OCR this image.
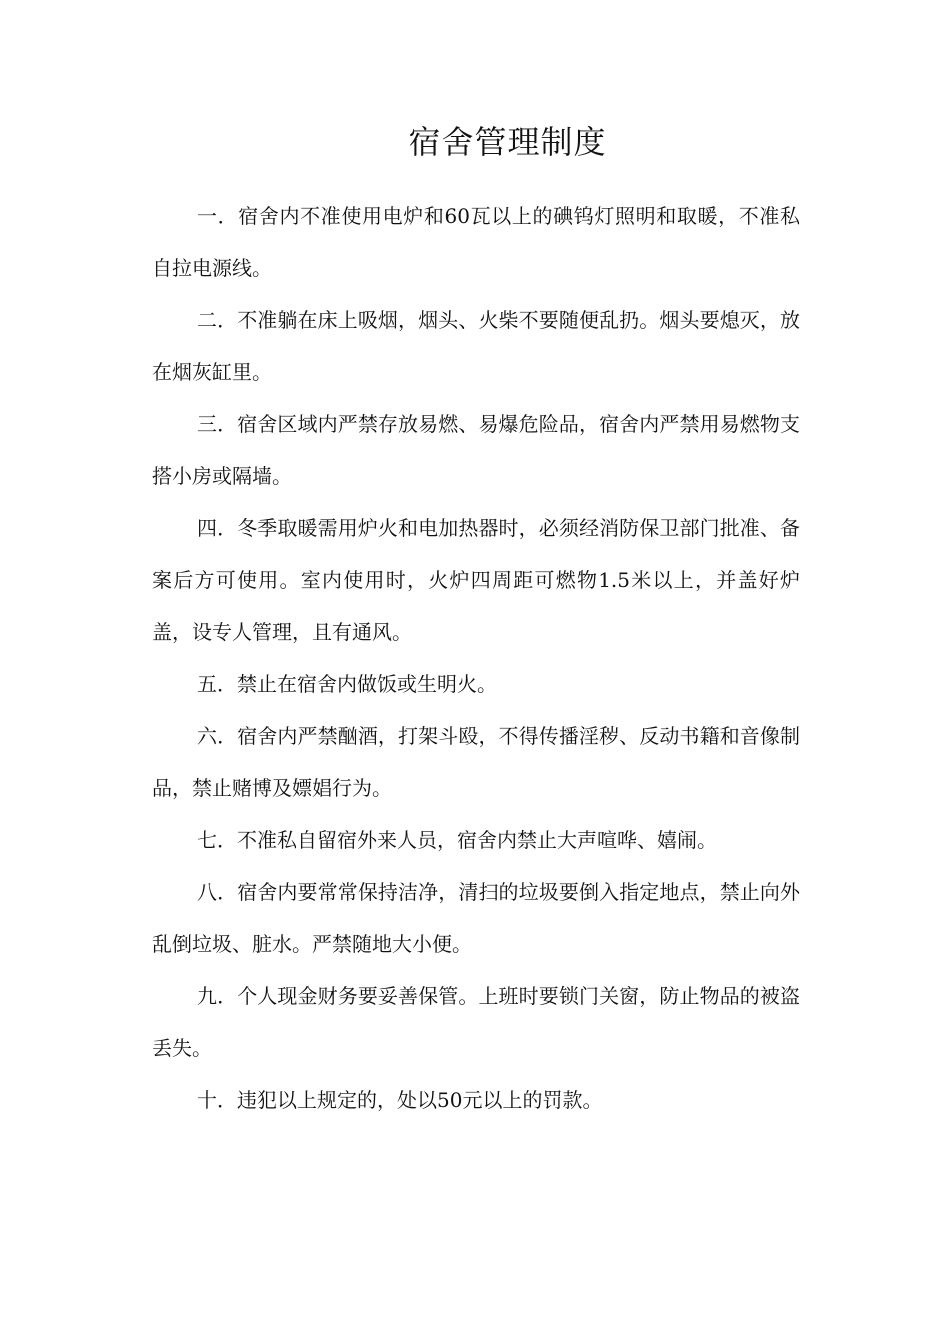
宿舍管理制度

一．宿舍内不准使用电炉和60瓦以上的碘钨灯照明和取暖，不准私自拉电源线。

二．不准躺在床上吸烟，烟头、火柴不要随便乱扔。烟头要熄灭，放在烟灰缸里。

三．宿舍区域内严禁存放易燃、易爆危险品，宿舍内严禁用易燃物支搭小房或隔墙。

四．冬季取暖需用炉火和电加热器时，必须经消防保卫部门批准、备案后方可使用。室内使用时，火炉四周距可燃物1.5米以上，并盖好炉盖，设专人管理，且有通风。

五．禁止在宿舍内做饭或生明火。

六．宿舍内严禁酗酒，打架斗殴，不得传播淫秽、反动书籍和音像制品，禁止赌博及嫖娼行为。

七．不准私自留宿外来人员，宿舍内禁止大声喧哗、嬉闹。

八．宿舍内要常常保持洁净，清扫的垃圾要倒入指定地点，禁止向外乱倒垃圾、脏水。严禁随地大小便。

九．个人现金财务要妥善保管。上班时要锁门关窗，防止物品的被盗丢失。

十．违犯以上规定的，处以50元以上的罚款。
